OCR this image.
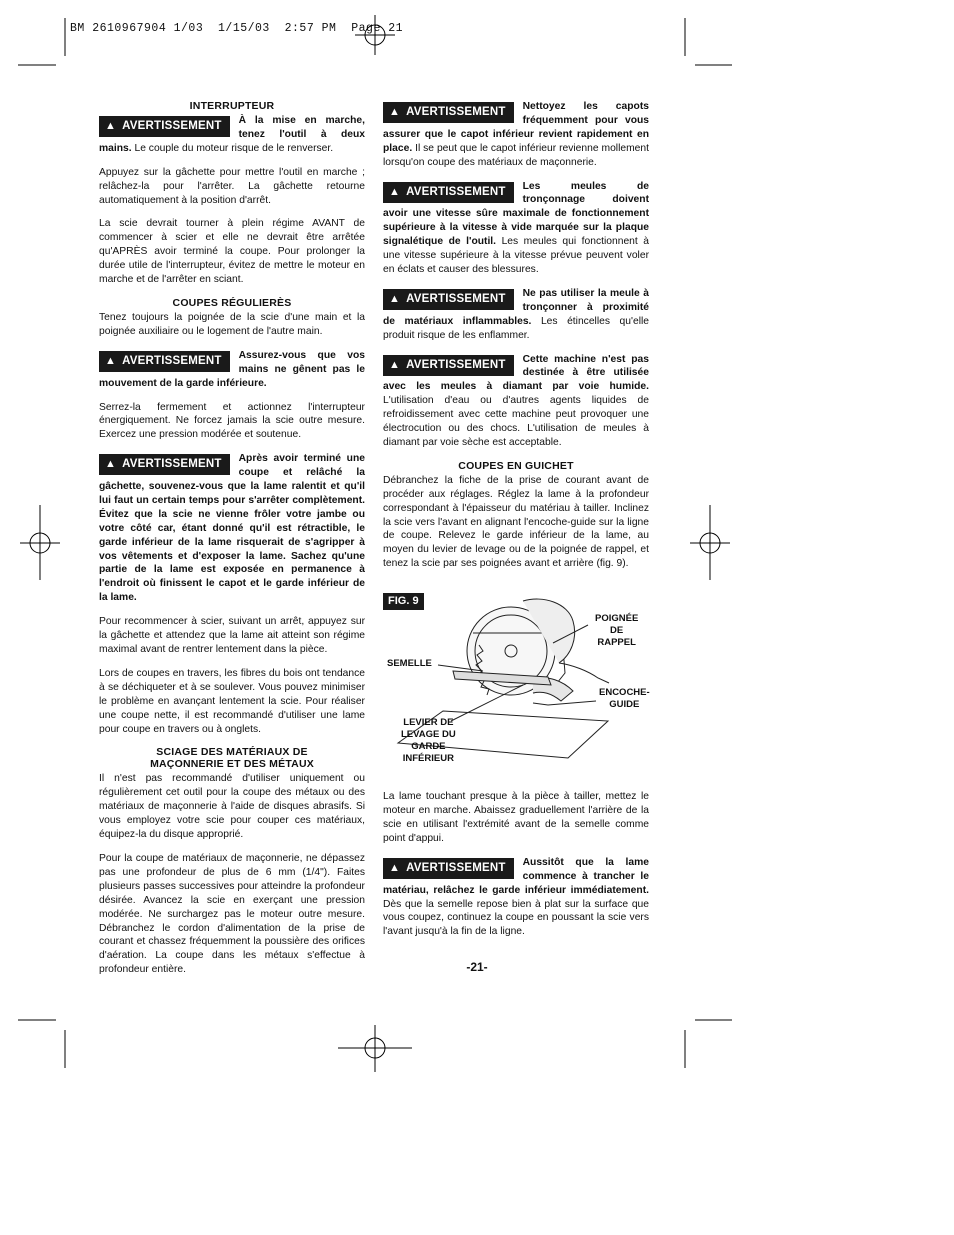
BM 2610967904 1/03  1/15/03  2:57 PM  Page 21
INTERRUPTEUR
▲ AVERTISSEMENT	À la mise en marche, tenez l'outil à deux mains. Le couple du moteur risque de le renverser.

Appuyez sur la gâchette pour mettre l'outil en marche ; relâchez-la pour l'arrêter. La gâchette retourne automatiquement à la position d'arrêt.

La scie devrait tourner à plein régime AVANT de commencer à scier et elle ne devrait être arrêtée qu'APRÈS avoir terminé la coupe. Pour prolonger la durée utile de l'interrupteur, évitez de mettre le moteur en marche et de l'arrêter en sciant.

COUPES RÉGULIERÈS

Tenez toujours la poignée de la scie d'une main et la poignée auxiliaire ou le logement de l'autre main.

▲ AVERTISSEMENT	Assurez-vous que vos mains ne gênent pas le mouvement de la garde inférieure.

Serrez-la fermement et actionnez l'interrupteur énergiquement. Ne forcez jamais la scie outre mesure. Exercez une pression modérée et soutenue.

▲ AVERTISSEMENT	Après avoir terminé une coupe et relâché la gâchette, souvenez-vous que la lame ralentit et qu'il lui faut un certain temps pour s'arrêter complètement. Évitez que la scie ne vienne frôler votre jambe ou votre côté car, étant donné qu'il est rétractible, le garde inférieur de la lame risquerait de s'agripper à vos vêtements et d'exposer la lame. Sachez qu'une partie de la lame est exposée en permanence à l'endroit où finissent le capot et le garde inférieur de la lame.

Pour recommencer à scier, suivant un arrêt, appuyez sur la gâchette et attendez que la lame ait atteint son régime maximal avant de rentrer lentement dans la pièce.

Lors de coupes en travers, les fibres du bois ont tendance à se déchiqueter et à se soulever. Vous pouvez minimiser le problème en avançant lentement la scie. Pour réaliser une coupe nette, il est recommandé d'utiliser une lame pour coupe en travers ou à onglets.

SCIAGE DES MATÉRIAUX DE
MAÇONNERIE ET DES MÉTAUX

Il n'est pas recommandé d'utiliser uniquement ou régulièrement cet outil pour la coupe des métaux ou des matériaux de maçonnerie à l'aide de disques abrasifs. Si vous employez votre scie pour couper ces matériaux, équipez-la du disque approprié.

Pour la coupe de matériaux de maçonnerie, ne dépassez pas une profondeur de plus de 6 mm (1/4"). Faites plusieurs passes successives pour atteindre la profondeur désirée. Avancez la scie en exerçant une pression modérée. Ne surchargez pas le moteur outre mesure. Débranchez le cordon d'alimentation de la prise de courant et chassez fréquemment la poussière des orifices d'aération. La coupe dans les métaux s'effectue à profondeur entière.

▲ AVERTISSEMENT	Nettoyez les capots fréquemment pour vous assurer que le capot inférieur revient rapidement en place. Il se peut que le capot inférieur revienne mollement lorsqu'on coupe des matériaux de maçonnerie.
▲ AVERTISSEMENT	Les meules de tronçonnage doivent avoir une vitesse sûre maximale de fonctionnement supérieure à la vitesse à vide marquée sur la plaque signalétique de l'outil. Les meules qui fonctionnent à une vitesse supérieure à la vitesse prévue peuvent voler en éclats et causer des blessures.
▲ AVERTISSEMENT	Ne pas utiliser la meule à tronçonner à proximité de matériaux inflammables. Les étincelles qu'elle produit risque de les enflammer.
▲ AVERTISSEMENT	Cette machine n'est pas destinée à être utilisée avec les meules à diamant par voie humide. L'utilisation d'eau ou d'autres agents liquides de refroidissement avec cette machine peut provoquer une électrocution ou des chocs. L'utilisation de meules à diamant par voie sèche est acceptable.
COUPES EN GUICHET

Débranchez la fiche de la prise de courant avant de procéder aux réglages. Réglez la lame à la profondeur correspondant à l'épaisseur du matériau à tailler. Inclinez la scie vers l'avant en alignant l'encoche-guide sur la ligne de coupe. Relevez le garde inférieur de la lame, au moyen du levier de levage ou de la poignée de rappel, et tenez la scie par ses poignées avant et arrière (fig. 9).

FIG. 9
POIGNÉE
DE
RAPPEL
SEMELLE
ENCOCHE-
GUIDE
LEVIER DE
LEVAGE DU
GARDE
INFÉRIEUR

La lame touchant presque à la pièce à tailler, mettez le moteur en marche. Abaissez graduellement l'arrière de la scie en utilisant l'extrémité avant de la semelle comme point d'appui.

▲ AVERTISSEMENT	Aussitôt que la lame commence à trancher le matériau, relâchez le garde inférieur immédiatement. Dès que la semelle repose bien à plat sur la surface que vous coupez, continuez la coupe en poussant la scie vers l'avant jusqu'à la fin de la ligne.
-21-
